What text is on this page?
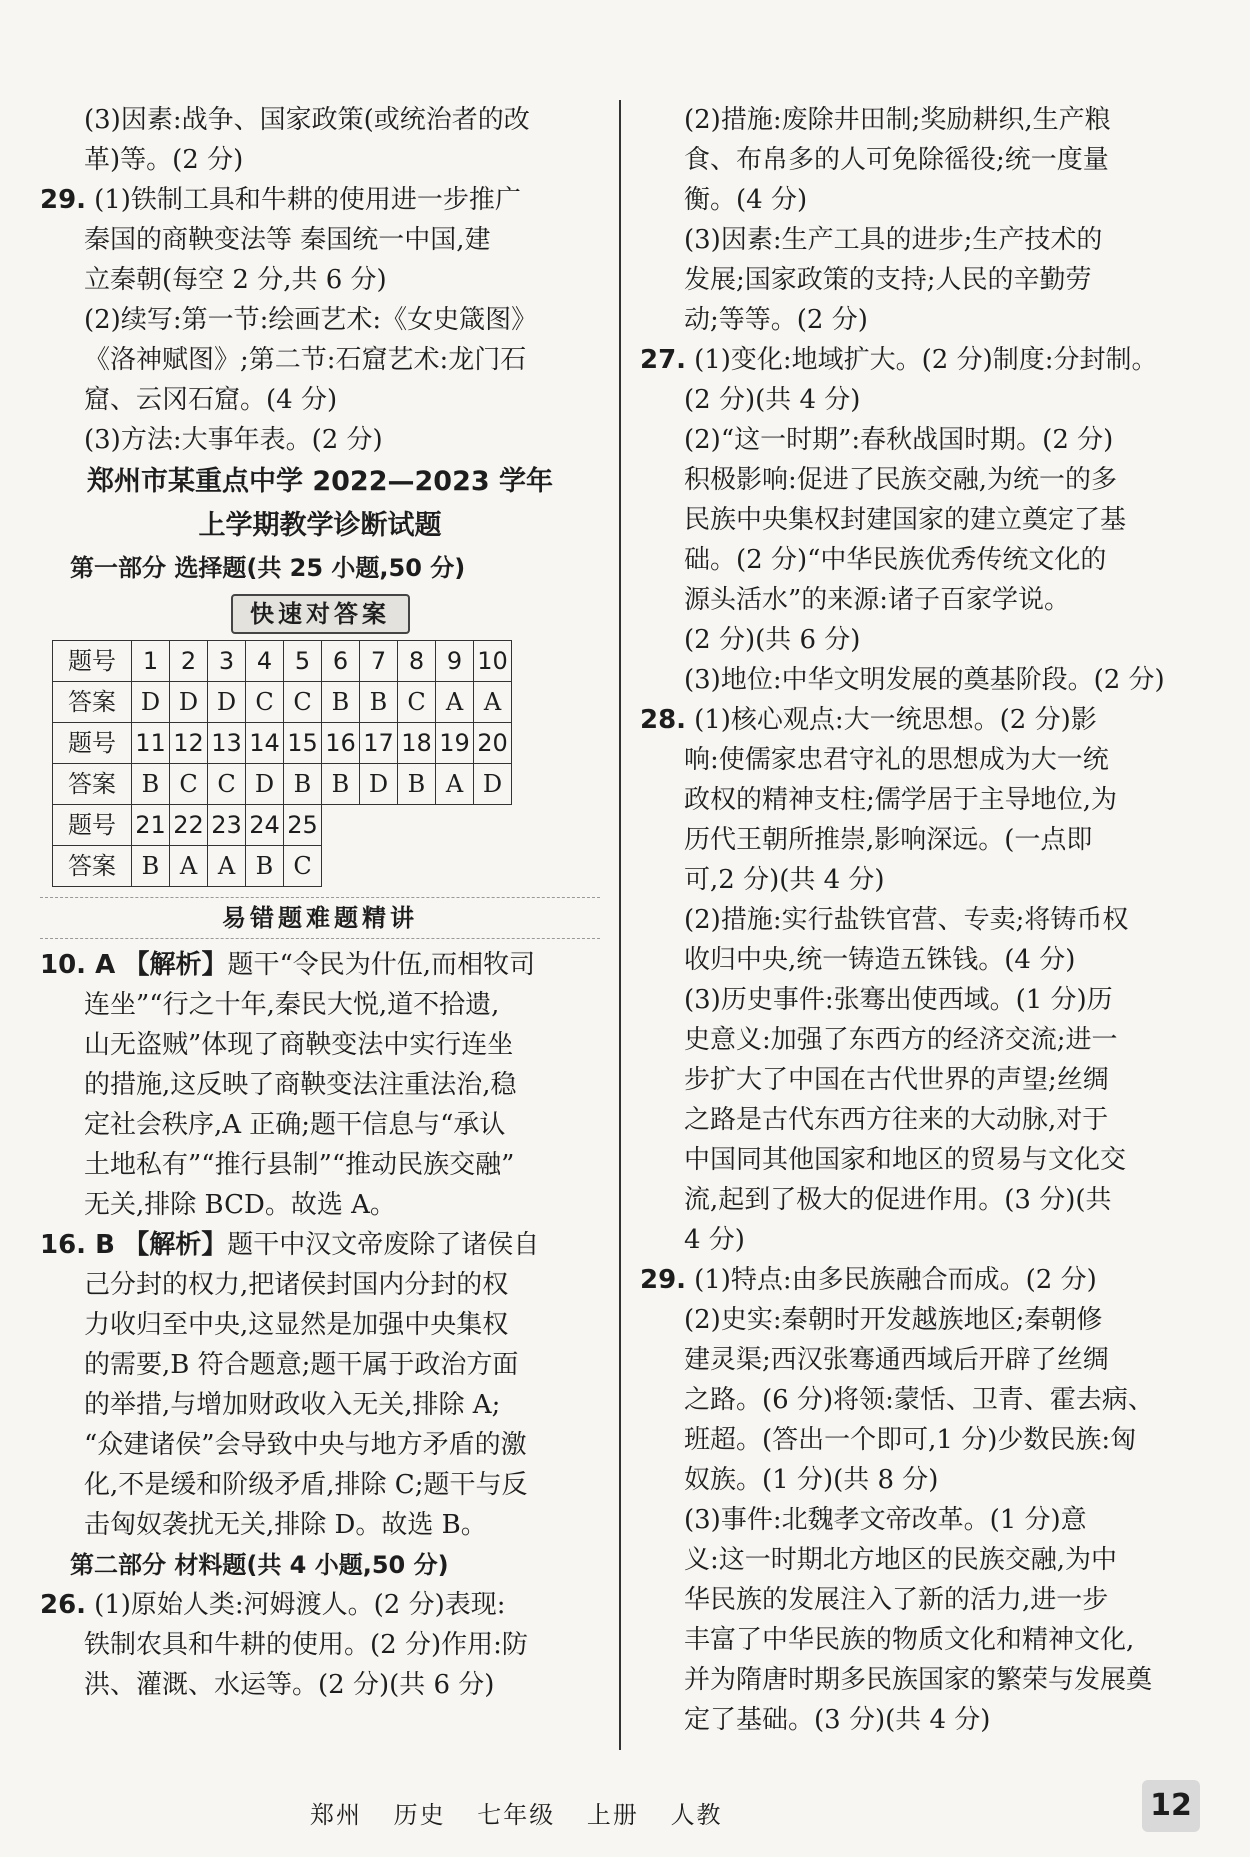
(3)因素:战争、国家政策(或统治者的改

革)等。(2 分)

29. (1)铁制工具和牛耕的使用进一步推广

秦国的商鞅变法等 秦国统一中国,建

立秦朝(每空 2 分,共 6 分)

(2)续写:第一节:绘画艺术:《女史箴图》

《洛神赋图》;第二节:石窟艺术:龙门石

窟、云冈石窟。(4 分)

(3)方法:大事年表。(2 分)

郑州市某重点中学 2022—2023 学年
上学期教学诊断试题
第一部分 选择题(共 25 小题,50 分)
快速对答案
题号	1	2	3	4	5	6	7	8	9	10
答案	D	D	D	C	C	B	B	C	A	A
题号	11	12	13	14	15	16	17	18	19	20
答案	B	C	C	D	B	B	D	B	A	D
题号	21	22	23	24	25					
答案	B	A	A	B	C					
易错题难题精讲

10. A 【解析】题干“令民为什伍,而相牧司

连坐”“行之十年,秦民大悦,道不拾遗,

山无盗贼”体现了商鞅变法中实行连坐

的措施,这反映了商鞅变法注重法治,稳

定社会秩序,A 正确;题干信息与“承认

土地私有”“推行县制”“推动民族交融”

无关,排除 BCD。故选 A。

16. B 【解析】题干中汉文帝废除了诸侯自

己分封的权力,把诸侯封国内分封的权

力收归至中央,这显然是加强中央集权

的需要,B 符合题意;题干属于政治方面

的举措,与增加财政收入无关,排除 A;

“众建诸侯”会导致中央与地方矛盾的激

化,不是缓和阶级矛盾,排除 C;题干与反

击匈奴袭扰无关,排除 D。故选 B。

第二部分 材料题(共 4 小题,50 分)

26. (1)原始人类:河姆渡人。(2 分)表现:

铁制农具和牛耕的使用。(2 分)作用:防

洪、灌溉、水运等。(2 分)(共 6 分)

(2)措施:废除井田制;奖励耕织,生产粮

食、布帛多的人可免除徭役;统一度量

衡。(4 分)

(3)因素:生产工具的进步;生产技术的

发展;国家政策的支持;人民的辛勤劳

动;等等。(2 分)

27. (1)变化:地域扩大。(2 分)制度:分封制。

(2 分)(共 4 分)

(2)“这一时期”:春秋战国时期。(2 分)

积极影响:促进了民族交融,为统一的多

民族中央集权封建国家的建立奠定了基

础。(2 分)“中华民族优秀传统文化的

源头活水”的来源:诸子百家学说。

(2 分)(共 6 分)

(3)地位:中华文明发展的奠基阶段。(2 分)

28. (1)核心观点:大一统思想。(2 分)影

响:使儒家忠君守礼的思想成为大一统

政权的精神支柱;儒学居于主导地位,为

历代王朝所推崇,影响深远。(一点即

可,2 分)(共 4 分)

(2)措施:实行盐铁官营、专卖;将铸币权

收归中央,统一铸造五铢钱。(4 分)

(3)历史事件:张骞出使西域。(1 分)历

史意义:加强了东西方的经济交流;进一

步扩大了中国在古代世界的声望;丝绸

之路是古代东西方往来的大动脉,对于

中国同其他国家和地区的贸易与文化交

流,起到了极大的促进作用。(3 分)(共

4 分)

29. (1)特点:由多民族融合而成。(2 分)

(2)史实:秦朝时开发越族地区;秦朝修

建灵渠;西汉张骞通西域后开辟了丝绸

之路。(6 分)将领:蒙恬、卫青、霍去病、

班超。(答出一个即可,1 分)少数民族:匈

奴族。(1 分)(共 8 分)

(3)事件:北魏孝文帝改革。(1 分)意

义:这一时期北方地区的民族交融,为中

华民族的发展注入了新的活力,进一步

丰富了中华民族的物质文化和精神文化,

并为隋唐时期多民族国家的繁荣与发展奠

定了基础。(3 分)(共 4 分)

郑州 历史 七年级 上册 人教	12
